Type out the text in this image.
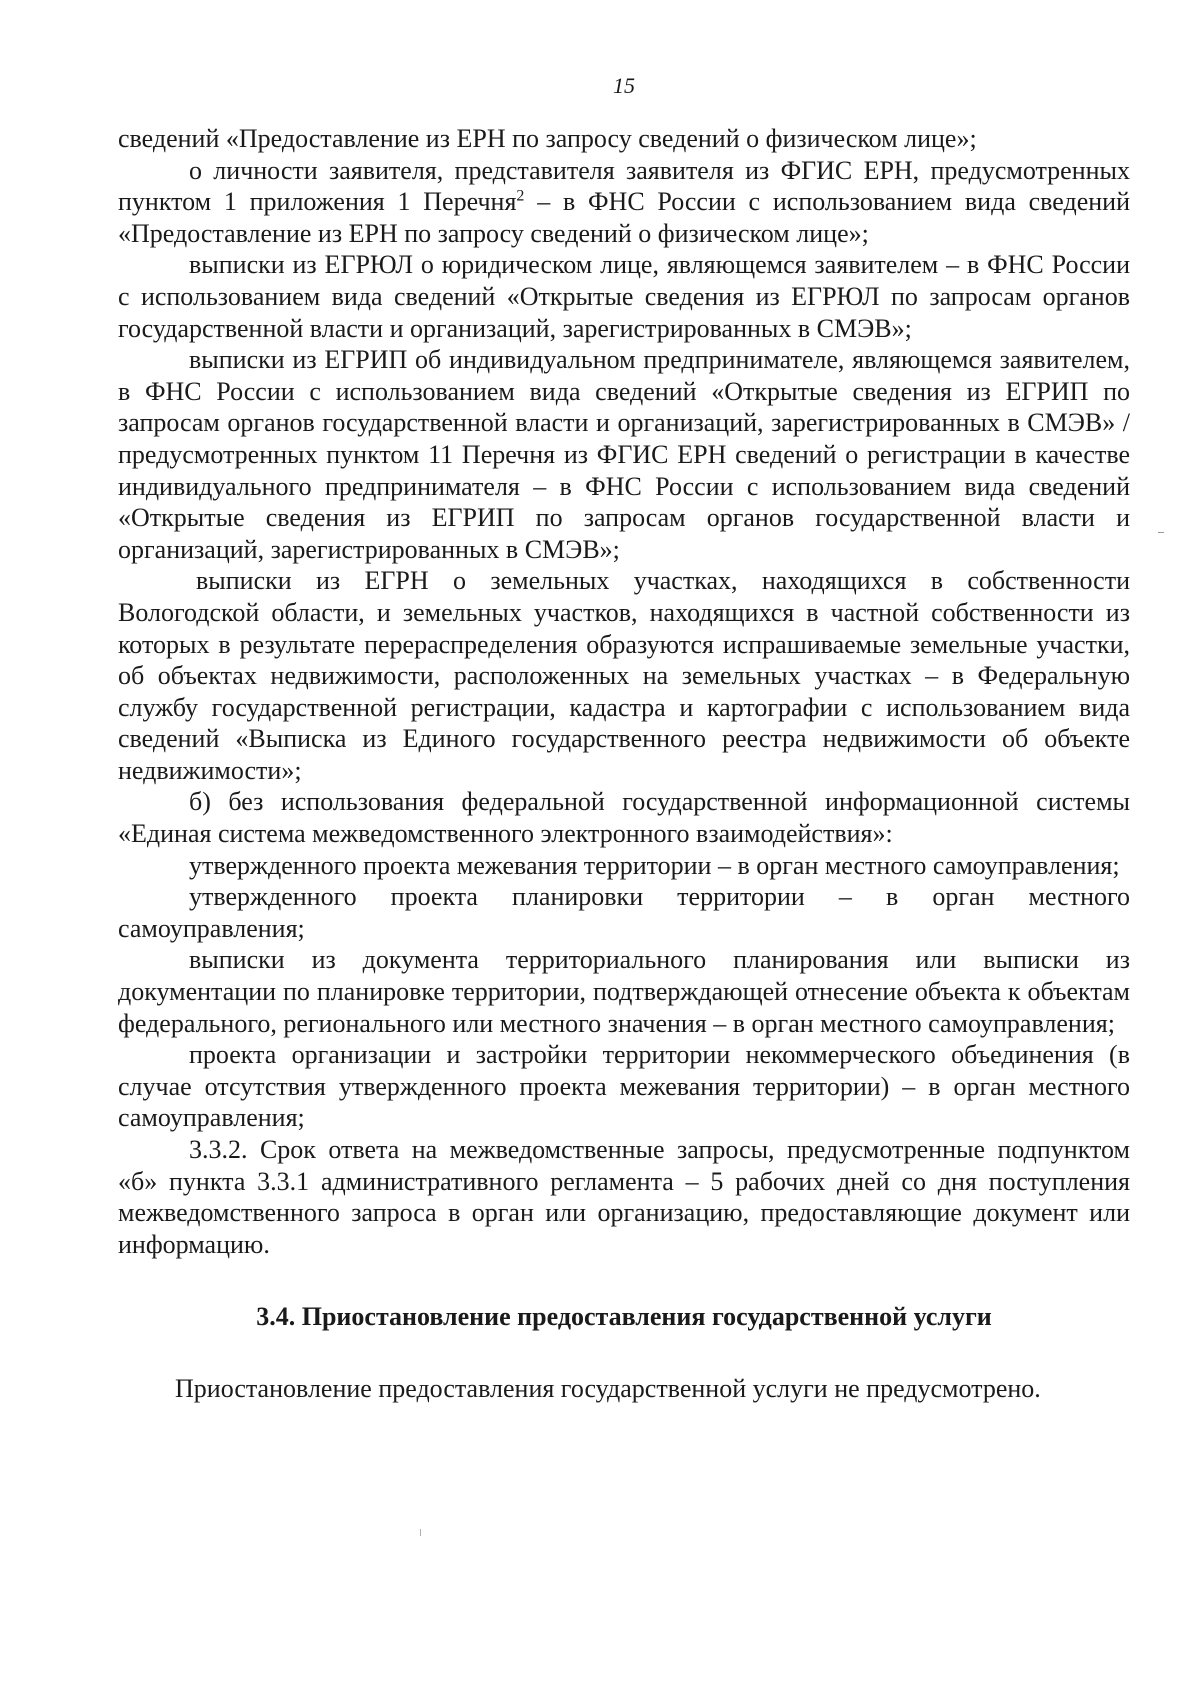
15

сведений «Предоставление из ЕРН по запросу сведений о физическом лице»;

о личности заявителя, представителя заявителя из ФГИС ЕРН, предусмотренных пунктом 1 приложения 1 Перечня$^2$ – в ФНС России с использованием вида сведений «Предоставление из ЕРН по запросу сведений о физическом лице»;

выписки из ЕГРЮЛ о юридическом лице, являющемся заявителем – в ФНС России с использованием вида сведений «Открытые сведения из ЕГРЮЛ по запросам органов государственной власти и организаций, зарегистрированных в СМЭВ»;

выписки из ЕГРИП об индивидуальном предпринимателе, являющемся заявителем, в ФНС России с использованием вида сведений «Открытые сведения из ЕГРИП по запросам органов государственной власти и организаций, зарегистрированных в СМЭВ» / предусмотренных пунктом 11 Перечня из ФГИС ЕРН сведений о регистрации в качестве индивидуального предпринимателя – в ФНС России с использованием вида сведений «Открытые сведения из ЕГРИП по запросам органов государственной власти и организаций, зарегистрированных в СМЭВ»;

выписки из ЕГРН о земельных участках, находящихся в собственности Вологодской области, и земельных участков, находящихся в частной собственности из которых в результате перераспределения образуются испрашиваемые земельные участки, об объектах недвижимости, расположенных на земельных участках – в Федеральную службу государственной регистрации, кадастра и картографии с использованием вида сведений «Выписка из Единого государственного реестра недвижимости об объекте недвижимости»;

б) без использования федеральной государственной информационной системы «Единая система межведомственного электронного взаимодействия»:

утвержденного проекта межевания территории – в орган местного самоуправления;

утвержденного проекта планировки территории – в орган местного самоуправления;

выписки из документа территориального планирования или выписки из документации по планировке территории, подтверждающей отнесение объекта к объектам федерального, регионального или местного значения – в орган местного самоуправления;

проекта организации и застройки территории некоммерческого объединения (в случае отсутствия утвержденного проекта межевания территории) – в орган местного самоуправления;

3.3.2. Срок ответа на межведомственные запросы, предусмотренные подпунктом «б» пункта 3.3.1 административного регламента – 5 рабочих дней со дня поступления межведомственного запроса в орган или организацию, предоставляющие документ или информацию.

3.4. Приостановление предоставления государственной услуги

Приостановление предоставления государственной услуги не предусмотрено.
